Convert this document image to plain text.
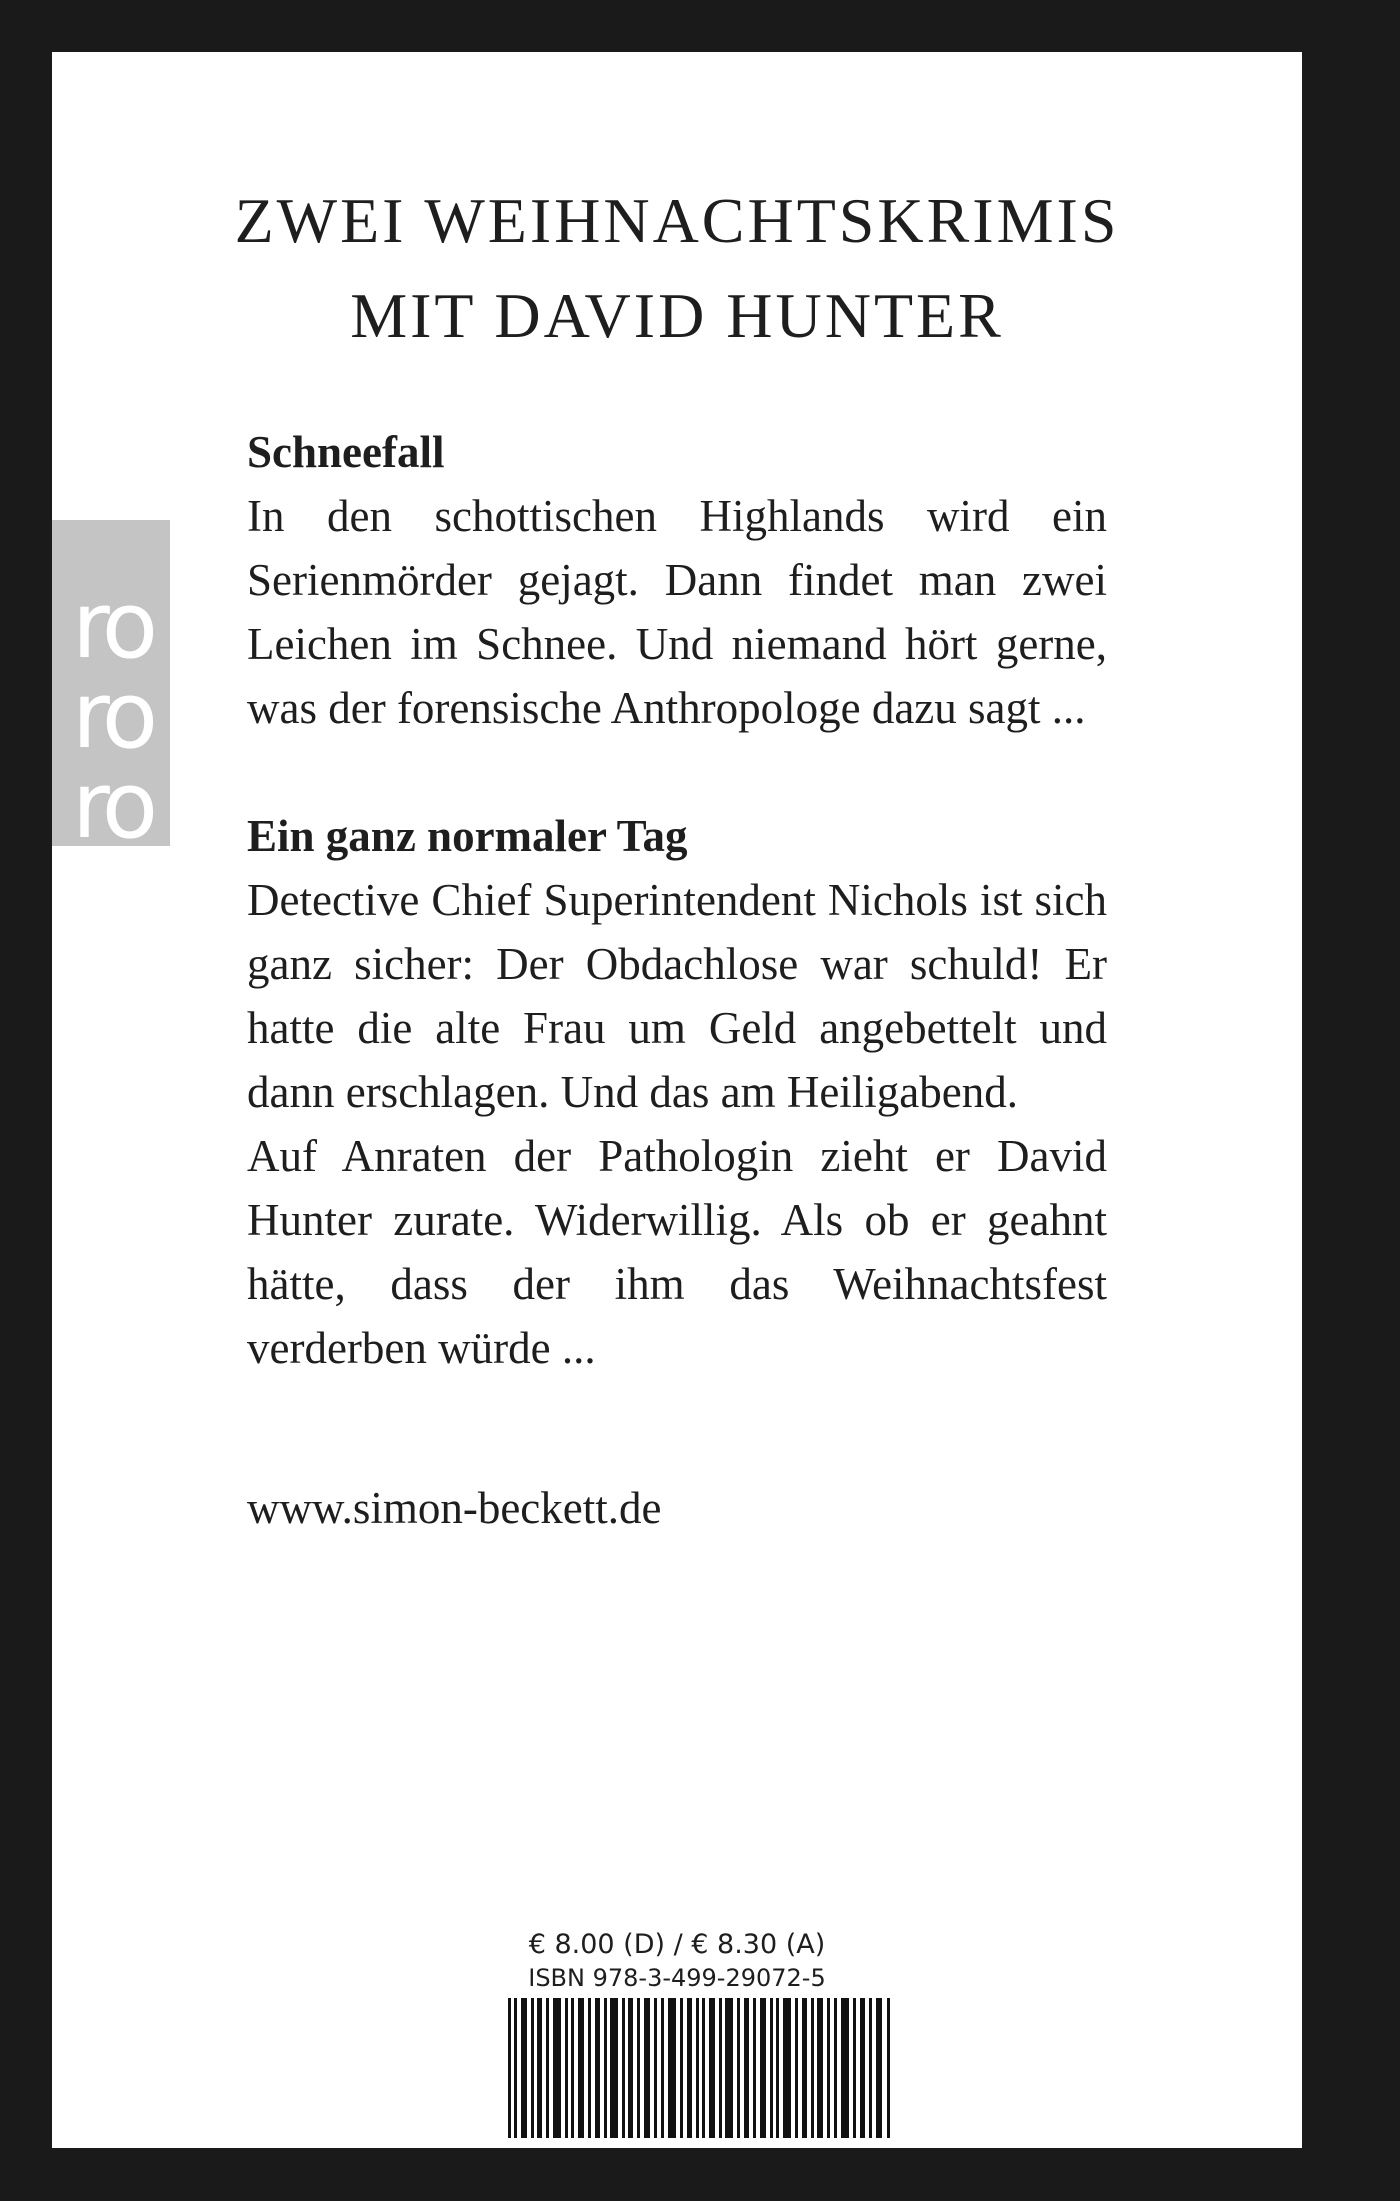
ZWEI WEIHNACHTSKRIMIS
MIT DAVID HUNTER
ro
ro
ro
Schneefall
In den schottischen Highlands wird ein Serienmörder gejagt. Dann findet man zwei Leichen im Schnee. Und niemand hört gerne, was der forensische Anthropologe dazu sagt ...
Ein ganz normaler Tag
Detective Chief Superintendent Nichols ist sich ganz sicher: Der Obdachlose war schuld! Er hatte die alte Frau um Geld angebettelt und dann erschlagen. Und das am Heiligabend.
Auf Anraten der Pathologin zieht er David Hunter zurate. Widerwillig. Als ob er geahnt hätte, dass der ihm das Weihnachtsfest verderben würde ...
www.simon-beckett.de
€ 8.00 (D) / € 8.30 (A)
ISBN 978-3-499-29072-5
